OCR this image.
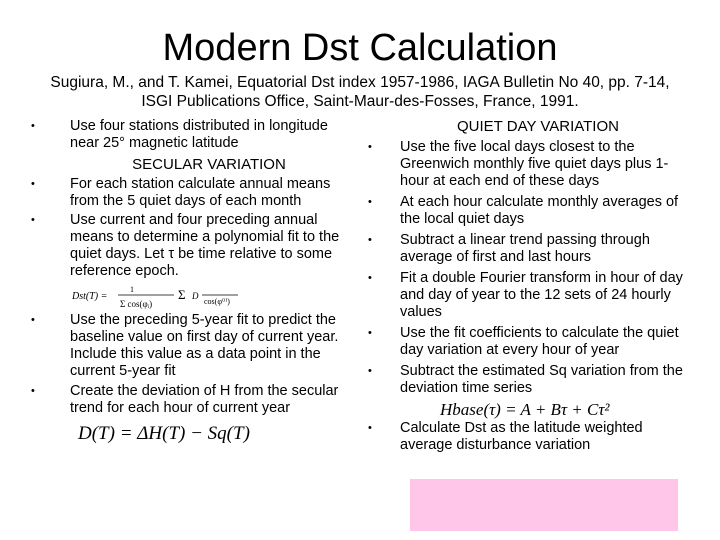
Modern Dst Calculation
Sugiura, M., and T. Kamei, Equatorial Dst index 1957-1986, IAGA Bulletin No 40, pp. 7-14, ISGI Publications Office, Saint-Maur-des-Fosses, France, 1991.
• Use four stations distributed in longitude near 25° magnetic latitude
SECULAR VARIATION
• For each station calculate annual means from the 5 quiet days of each month
• Use current and four preceding annual means to determine a polynomial fit to the quiet days. Let τ be time relative to some reference epoch.
Dst(T) =
1
Σ cos(φᵢ)
Σ D
cos(φ⁽ⁱ⁾)
• Use the preceding 5-year fit to predict the baseline value on first day of current year. Include this value as a data point in the current 5-year fit
• Create the deviation of H from the secular trend for each hour of current year
D(T) = ΔH(T) − Sq(T)
QUIET DAY VARIATION
• Use the five local days closest to the Greenwich monthly five quiet days plus 1-hour at each end of these days
• At each hour calculate monthly averages of the local quiet days
• Subtract a linear trend passing through average of first and last hours
• Fit a double Fourier transform in hour of day and day of year to the 12 sets of 24 hourly values
• Use the fit coefficients to calculate the quiet day variation at every hour of year
• Subtract the estimated Sq variation from the deviation time series
Hbase(τ) = A + Bτ + Cτ²
• Calculate Dst as the latitude weighted average disturbance variation
